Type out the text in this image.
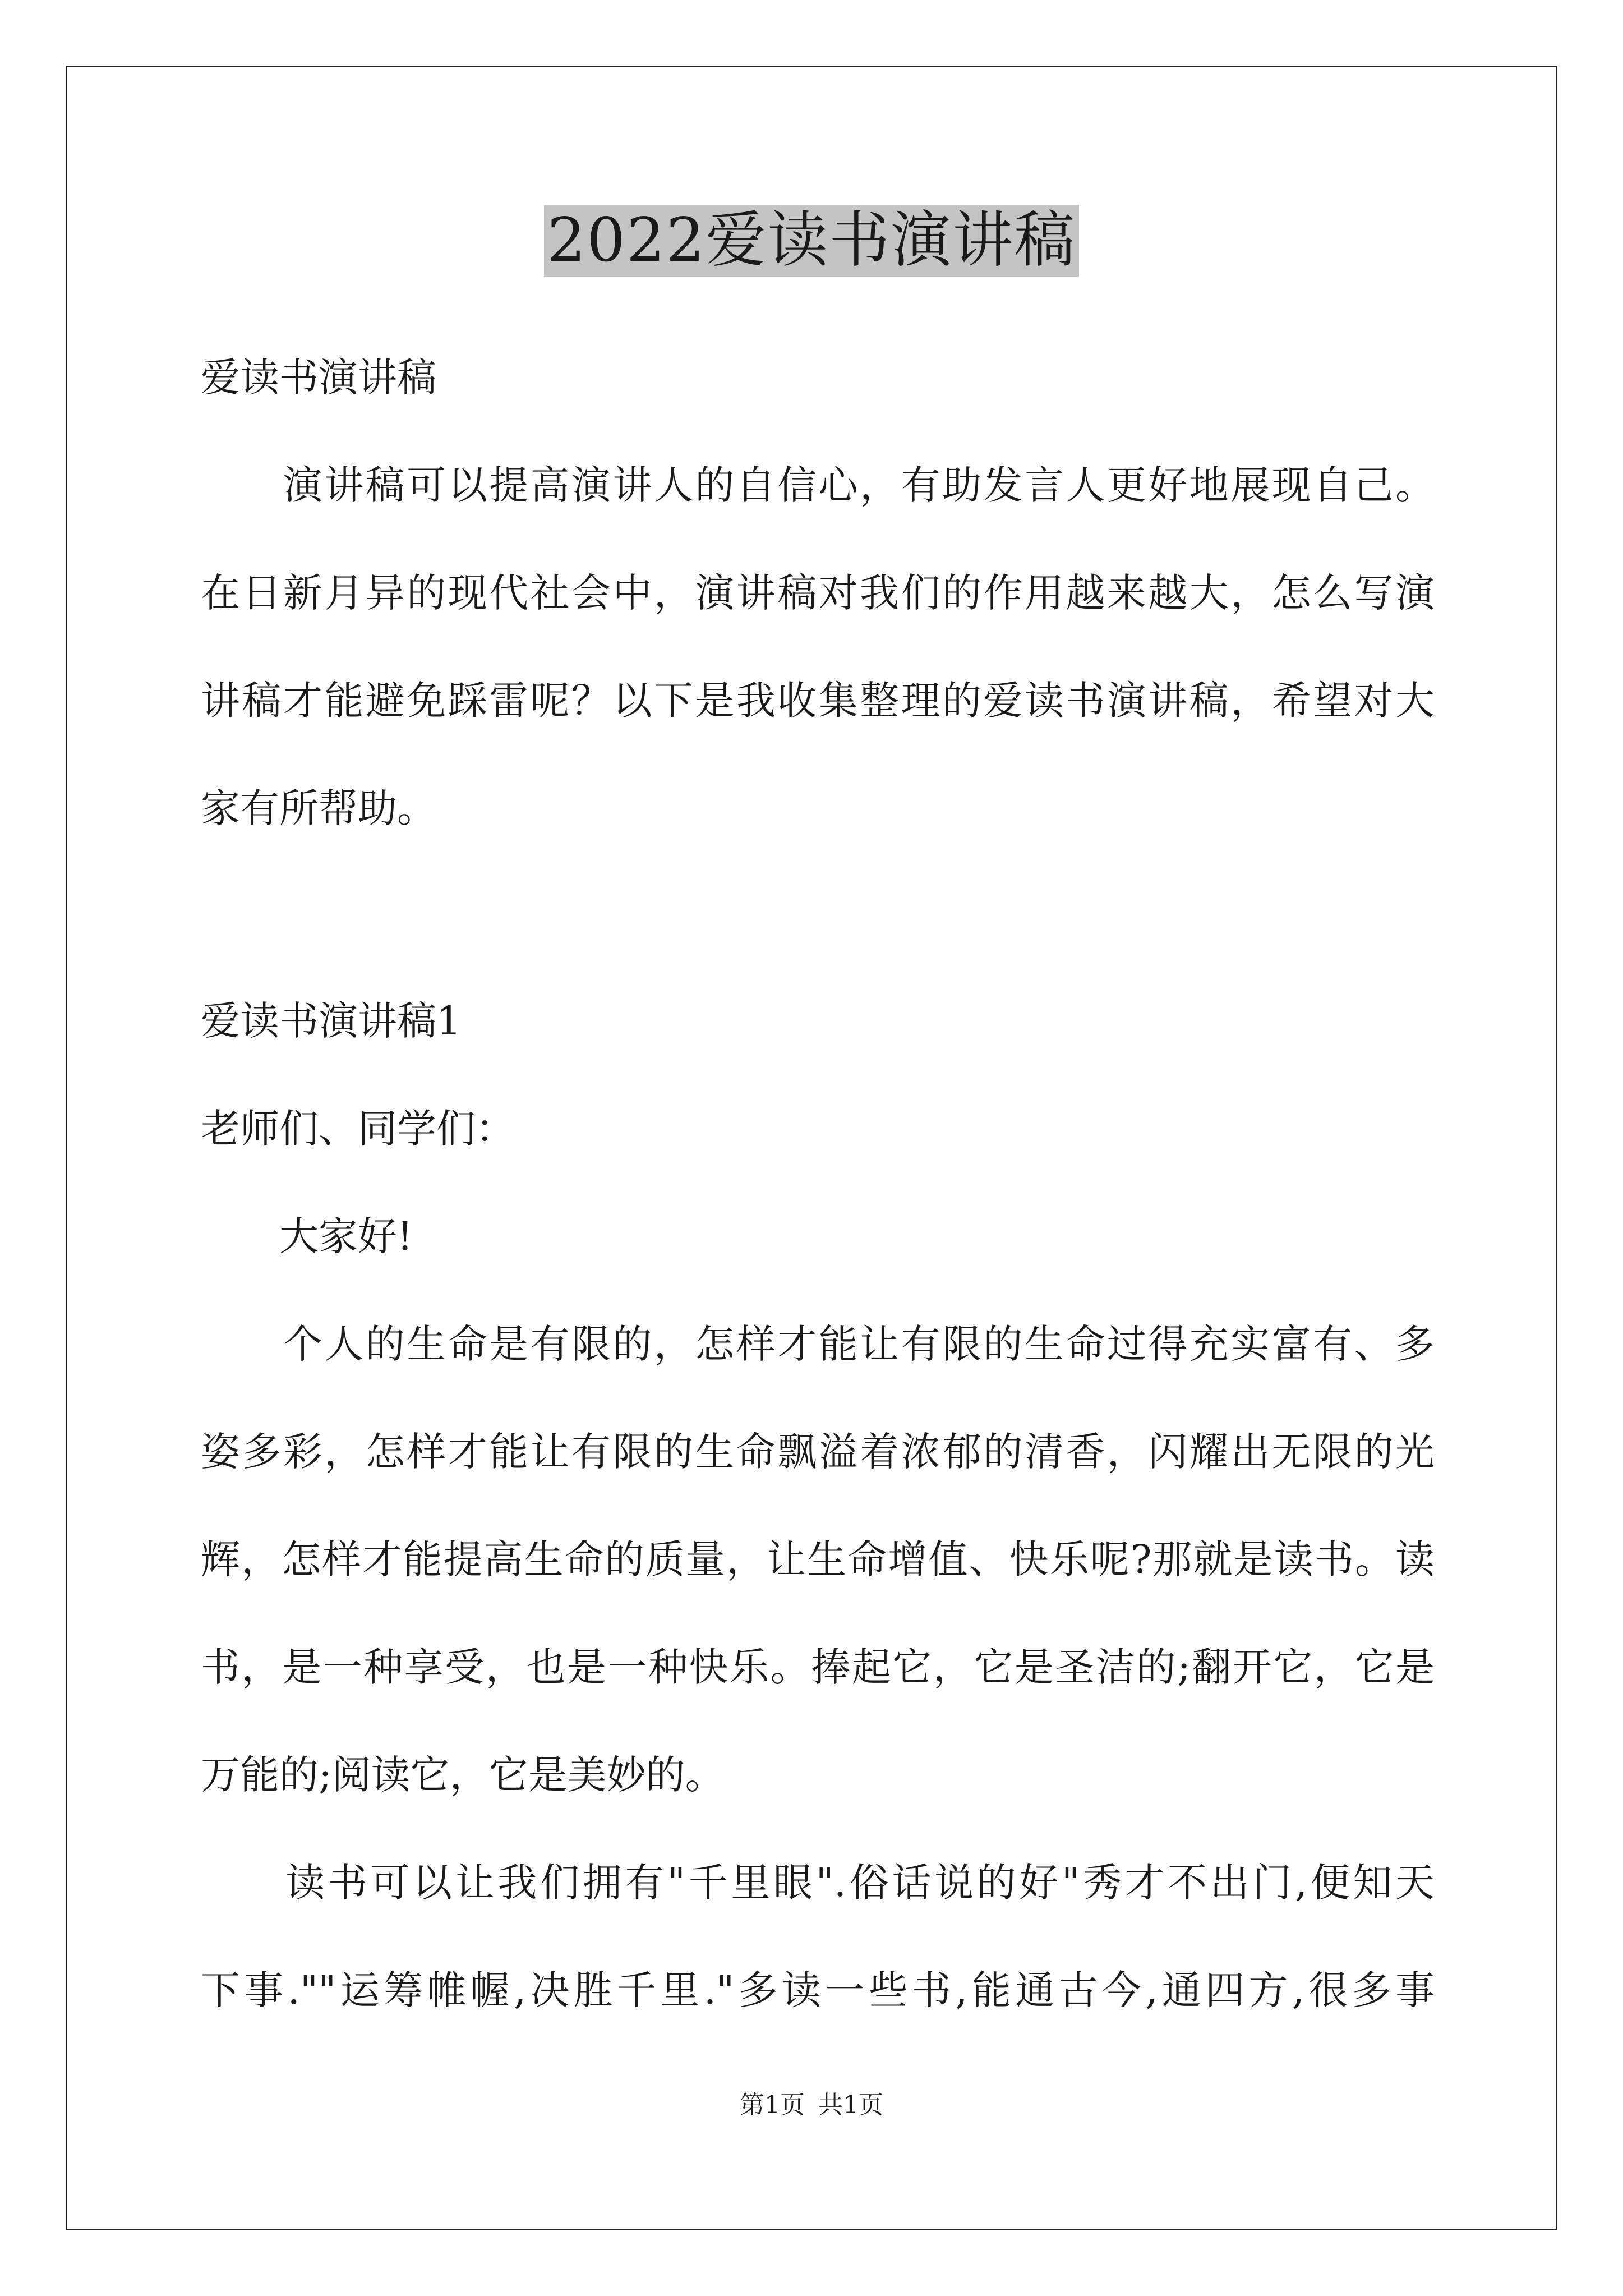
2022爱读书演讲稿
爱读书演讲稿
　　演讲稿可以提高演讲人的自信心，有助发言人更好地展现自己。
在日新月异的现代社会中，演讲稿对我们的作用越来越大，怎么写演
讲稿才能避免踩雷呢？以下是我收集整理的爱读书演讲稿，希望对大
家有所帮助。
爱读书演讲稿1
老师们、同学们：
　　大家好!
　　个人的生命是有限的，怎样才能让有限的生命过得充实富有、多
姿多彩，怎样才能让有限的生命飘溢着浓郁的清香，闪耀出无限的光
辉，怎样才能提高生命的质量，让生命增值、快乐呢?那就是读书。读
书，是一种享受，也是一种快乐。捧起它，它是圣洁的;翻开它，它是
万能的;阅读它，它是美妙的。
　　读书可以让我们拥有"千里眼".俗话说的好"秀才不出门,便知天
下事.""运筹帷幄,决胜千里."多读一些书,能通古今,通四方,很多事
第1页 共1页
